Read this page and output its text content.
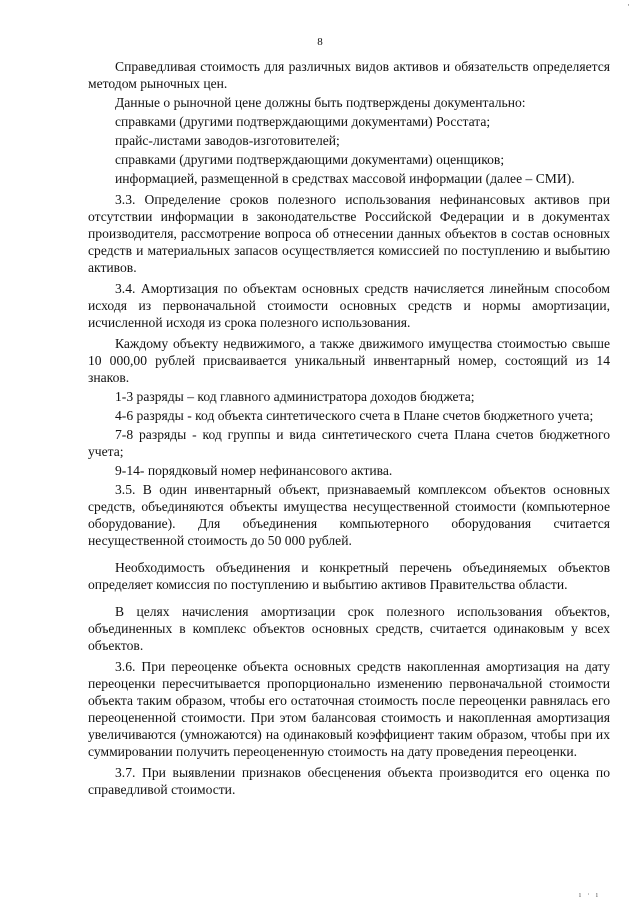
·
8

Справедливая стоимость для различных видов активов и обязательств определяется методом рыночных цен.

Данные о рыночной цене должны быть подтверждены документально:

справками (другими подтверждающими документами) Росстата;

прайс-листами заводов-изготовителей;

справками (другими подтверждающими документами) оценщиков;

информацией, размещенной в средствах массовой информации (далее – СМИ).

3.3. Определение сроков полезного использования нефинансовых активов при отсутствии информации в законодательстве Российской Федерации и в документах производителя, рассмотрение вопроса об отнесении данных объектов в состав основных средств и материальных запасов осуществляется комиссией по поступлению и выбытию активов.

3.4. Амортизация по объектам основных средств начисляется линейным способом исходя из первоначальной стоимости основных средств и нормы амортизации, исчисленной исходя из срока полезного использования.

Каждому объекту недвижимого, а также движимого имущества стоимостью свыше 10 000,00 рублей присваивается уникальный инвентарный номер, состоящий из 14 знаков.

1-3 разряды – код главного администратора доходов бюджета;

4-6 разряды - код объекта синтетического счета в Плане счетов бюджетного учета;

7-8 разряды - код группы и вида синтетического счета Плана счетов бюджетного учета;

9-14- порядковый номер нефинансового актива.

3.5. В один инвентарный объект, признаваемый комплексом объектов основных средств, объединяются объекты имущества несущественной стоимости (компьютерное оборудование). Для объединения компьютерного оборудования считается несущественной стоимость до 50 000 рублей.

Необходимость объединения и конкретный перечень объединяемых объектов определяет комиссия по поступлению и выбытию активов Правительства области.

В целях начисления амортизации срок полезного использования объектов, объединенных в комплекс объектов основных средств, считается одинаковым у всех объектов.

3.6. При переоценке объекта основных средств накопленная амортизация на дату переоценки пересчитывается пропорционально изменению первоначальной стоимости объекта таким образом, чтобы его остаточная стоимость после переоценки равнялась его переоцененной стоимости. При этом балансовая стоимость и накопленная амортизация увеличиваются (умножаются) на одинаковый коэффициент таким образом, чтобы при их суммировании получить переоцененную стоимость на дату проведения переоценки.

3.7. При выявлении признаков обесценения объекта производится его оценка по справедливой стоимости.

ı · ı
